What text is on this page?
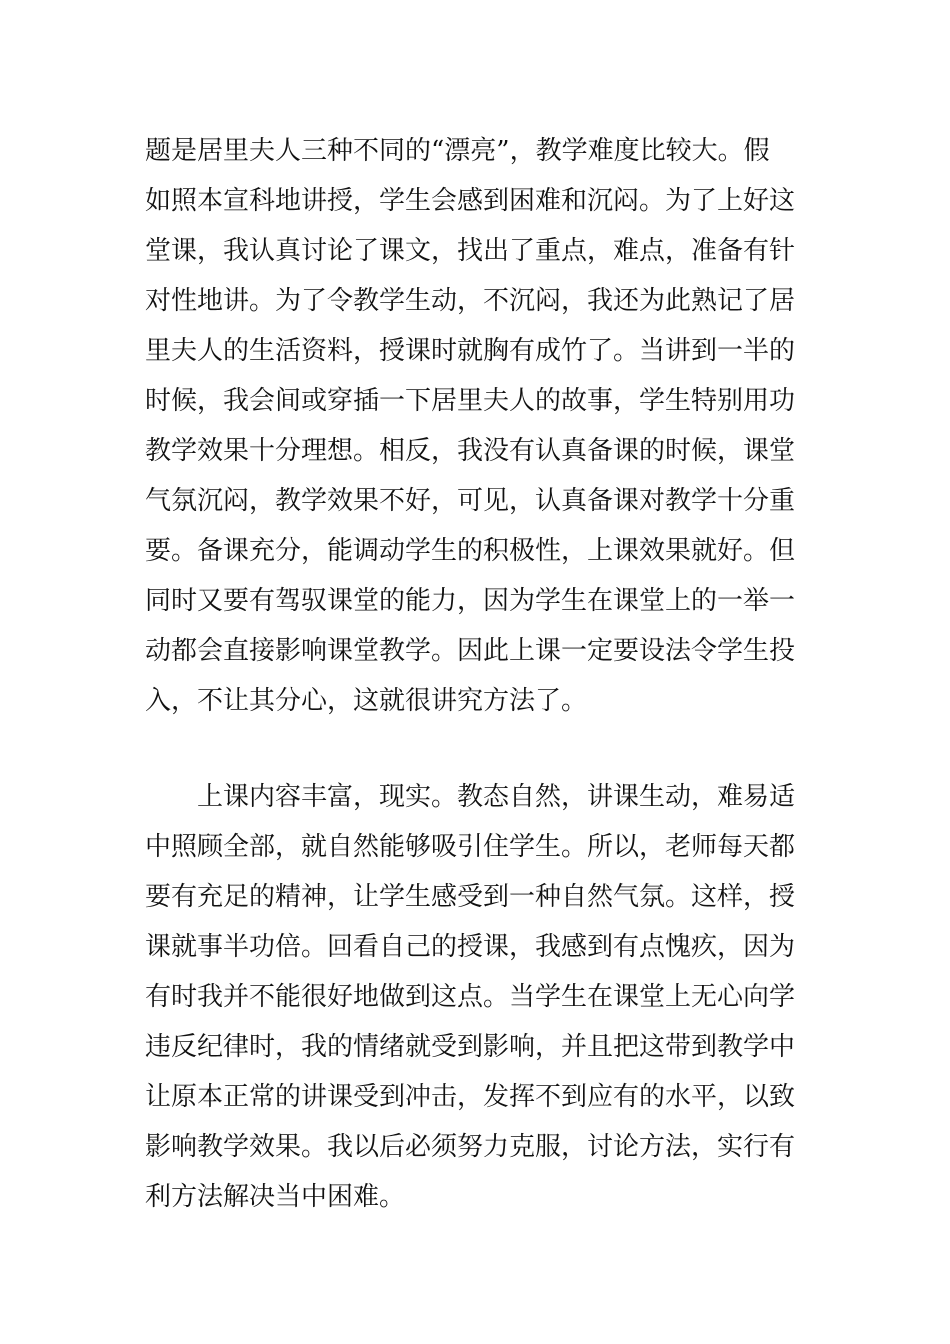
题是居里夫人三种不同的“漂亮”，教学难度比较大。假
如照本宣科地讲授，学生会感到困难和沉闷。为了上好这
堂课，我认真讨论了课文，找出了重点，难点，准备有针
对性地讲。为了令教学生动，不沉闷，我还为此熟记了居
里夫人的生活资料，授课时就胸有成竹了。当讲到一半的
时候，我会间或穿插一下居里夫人的故事，学生特别用功
教学效果十分理想。相反，我没有认真备课的时候，课堂
气氛沉闷，教学效果不好，可见，认真备课对教学十分重
要。备课充分，能调动学生的积极性，上课效果就好。但
同时又要有驾驭课堂的能力，因为学生在课堂上的一举一
动都会直接影响课堂教学。因此上课一定要设法令学生投
入，不让其分心，这就很讲究方法了。
　　上课内容丰富，现实。教态自然，讲课生动，难易适
中照顾全部，就自然能够吸引住学生。所以，老师每天都
要有充足的精神，让学生感受到一种自然气氛。这样，授
课就事半功倍。回看自己的授课，我感到有点愧疚，因为
有时我并不能很好地做到这点。当学生在课堂上无心向学
违反纪律时，我的情绪就受到影响，并且把这带到教学中
让原本正常的讲课受到冲击，发挥不到应有的水平，以致
影响教学效果。我以后必须努力克服，讨论方法，实行有
利方法解决当中困难。
